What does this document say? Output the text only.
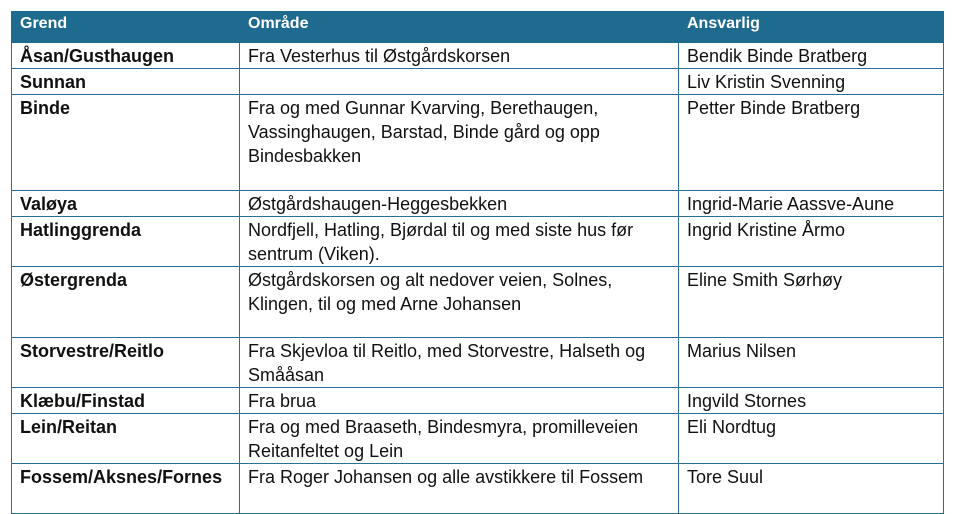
Grend	Område	Ansvarlig
Åsan/Gusthaugen	Fra Vesterhus til Østgårdskorsen	Bendik Binde Bratberg
Sunnan		Liv Kristin Svenning
Binde	Fra og med Gunnar Kvarving, Berethaugen, Vassinghaugen, Barstad, Binde gård og opp Bindesbakken	Petter Binde Bratberg
Valøya	Østgårdshaugen-Heggesbekken	Ingrid-Marie Aassve-Aune
Hatlinggrenda	Nordfjell, Hatling, Bjørdal til og med siste hus før sentrum (Viken).	Ingrid Kristine Årmo
Østergrenda	Østgårdskorsen og alt nedover veien, Solnes, Klingen, til og med Arne Johansen	Eline Smith Sørhøy
Storvestre/Reitlo	Fra Skjevloa til Reitlo, med Storvestre, Halseth og Smååsan	Marius Nilsen
Klæbu/Finstad	Fra brua	Ingvild Stornes
Lein/Reitan	Fra og med Braaseth, Bindesmyra, promilleveien Reitanfeltet og Lein	Eli Nordtug
Fossem/Aksnes/Fornes	Fra Roger Johansen og alle avstikkere til Fossem	Tore Suul
